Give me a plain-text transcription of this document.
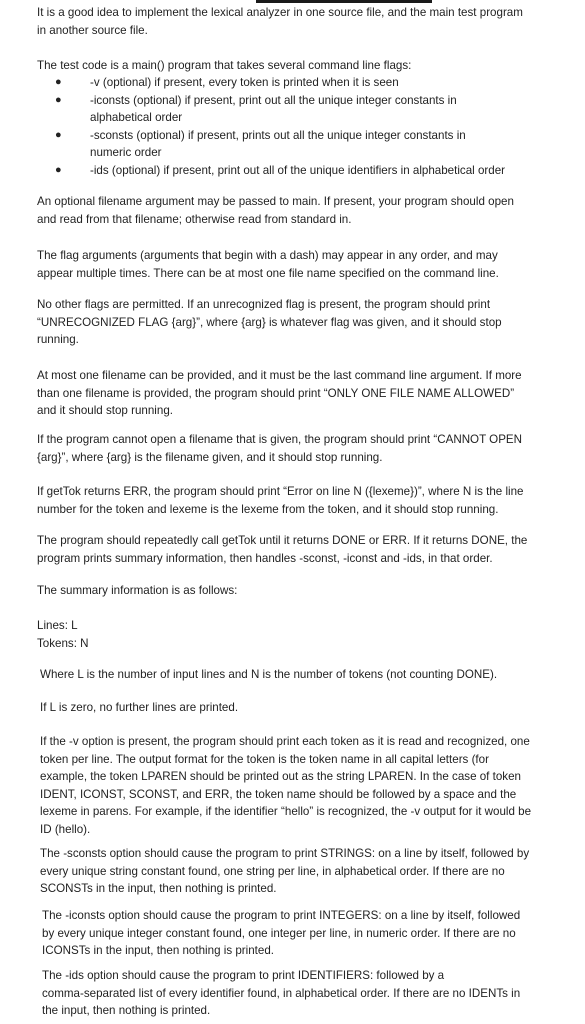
It is a good idea to implement the lexical analyzer in one source file, and the main test program
in another source file.

The test code is a main() program that takes several command line flags:

● -v (optional) if present, every token is printed when it is seen
● -iconsts (optional) if present, print out all the unique integer constants in
alphabetical order
● -sconsts (optional) if present, prints out all the unique integer constants in
numeric order
● -ids (optional) if present, print out all of the unique identifiers in alphabetical order

An optional filename argument may be passed to main. If present, your program should open
and read from that filename; otherwise read from standard in.

The flag arguments (arguments that begin with a dash) may appear in any order, and may
appear multiple times. There can be at most one file name specified on the command line.

No other flags are permitted. If an unrecognized flag is present, the program should print
“UNRECOGNIZED FLAG {arg}”, where {arg} is whatever flag was given, and it should stop
running.

At most one filename can be provided, and it must be the last command line argument. If more
than one filename is provided, the program should print “ONLY ONE FILE NAME ALLOWED”
and it should stop running.

If the program cannot open a filename that is given, the program should print “CANNOT OPEN
{arg}”, where {arg} is the filename given, and it should stop running.

If getTok returns ERR, the program should print “Error on line N ({lexeme})”, where N is the line
number for the token and lexeme is the lexeme from the token, and it should stop running.

The program should repeatedly call getTok until it returns DONE or ERR. If it returns DONE, the
program prints summary information, then handles -sconst, -iconst and -ids, in that order.

The summary information is as follows:

Lines: L
Tokens: N

Where L is the number of input lines and N is the number of tokens (not counting DONE).

If L is zero, no further lines are printed.

If the -v option is present, the program should print each token as it is read and recognized, one
token per line. The output format for the token is the token name in all capital letters (for
example, the token LPAREN should be printed out as the string LPAREN. In the case of token
IDENT, ICONST, SCONST, and ERR, the token name should be followed by a space and the
lexeme in parens. For example, if the identifier “hello” is recognized, the -v output for it would be
ID (hello).

The -sconsts option should cause the program to print STRINGS: on a line by itself, followed by
every unique string constant found, one string per line, in alphabetical order. If there are no
SCONSTs in the input, then nothing is printed.

The -iconsts option should cause the program to print INTEGERS: on a line by itself, followed
by every unique integer constant found, one integer per line, in numeric order. If there are no
ICONSTs in the input, then nothing is printed.

The -ids option should cause the program to print IDENTIFIERS: followed by a
comma-separated list of every identifier found, in alphabetical order. If there are no IDENTs in
the input, then nothing is printed.
